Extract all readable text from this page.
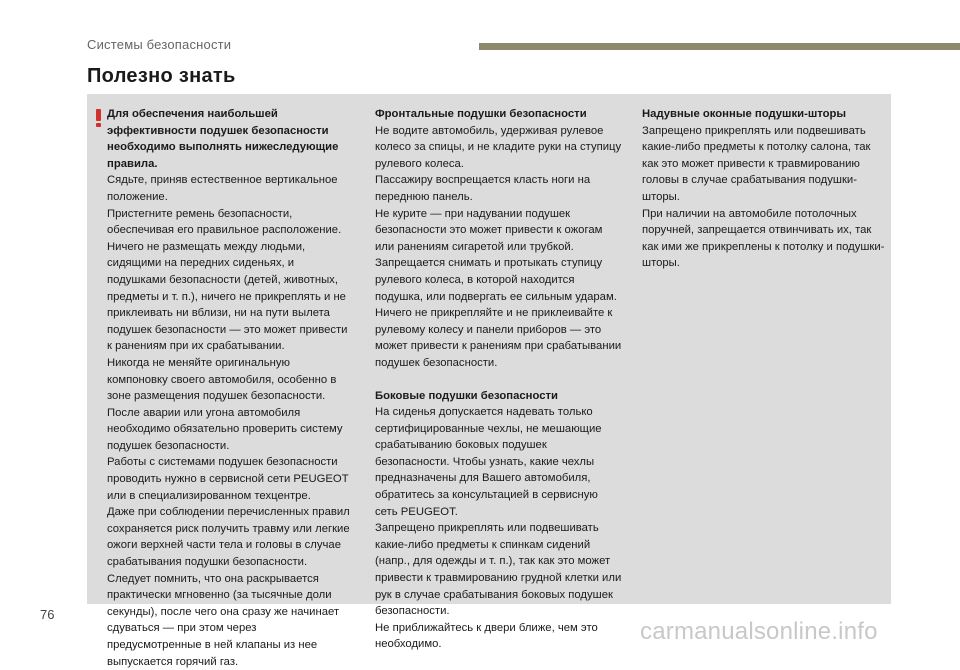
Системы безопасности
Полезно знать

Для обеспечения наибольшей эффективности подушек безопасности необходимо выполнять нижеследующие правила.

Сядьте, приняв естественное вертикальное положение.

Пристегните ремень безопасности, обеспечивая его правильное расположение.

Ничего не размещать между людьми, сидящими на передних сиденьях, и подушками безопасности (детей, животных, предметы и т. п.), ничего не прикреплять и не приклеивать ни вблизи, ни на пути вылета подушек безопасности — это может привести к ранениям при их срабатывании.

Никогда не меняйте оригинальную компоновку своего автомобиля, особенно в зоне размещения подушек безопасности.

После аварии или угона автомобиля необходимо обязательно проверить систему подушек безопасности.

Работы с системами подушек безопасности проводить нужно в сервисной сети PEUGEOT или в специализированном техцентре.

Даже при соблюдении перечисленных правил сохраняется риск получить травму или легкие ожоги верхней части тела и головы в случае срабатывания подушки безопасности. Следует помнить, что она раскрывается практически мгновенно (за тысячные доли секунды), после чего она сразу же начинает сдуваться — при этом через предусмотренные в ней клапаны из нее выпускается горячий газ.

Фронтальные подушки безопасности

Не водите автомобиль, удерживая рулевое колесо за спицы, и не кладите руки на ступицу рулевого колеса.

Пассажиру воспрещается класть ноги на переднюю панель.

Не курите — при надувании подушек безопасности это может привести к ожогам или ранениям сигаретой или трубкой.

Запрещается снимать и протыкать ступицу рулевого колеса, в которой находится подушка, или подвергать ее сильным ударам.

Ничего не прикрепляйте и не приклеивайте к рулевому колесу и панели приборов — это может привести к ранениям при срабатывании подушек безопасности.

Боковые подушки безопасности

На сиденья допускается надевать только сертифицированные чехлы, не мешающие срабатыванию боковых подушек безопасности. Чтобы узнать, какие чехлы предназначены для Вашего автомобиля, обратитесь за консультацией в сервисную сеть PEUGEOT.

Запрещено прикреплять или подвешивать какие-либо предметы к спинкам сидений (напр., для одежды и т. п.), так как это может привести к травмированию грудной клетки или рук в случае срабатывания боковых подушек безопасности.

Не приближайтесь к двери ближе, чем это необходимо.

Надувные оконные подушки-шторы

Запрещено прикреплять или подвешивать какие-либо предметы к потолку салона, так как это может привести к травмированию головы в случае срабатывания подушки-шторы.

При наличии на автомобиле потолочных поручней, запрещается отвинчивать их, так как ими же прикреплены к потолку и подушки-шторы.

76
carmanualsonline.info
